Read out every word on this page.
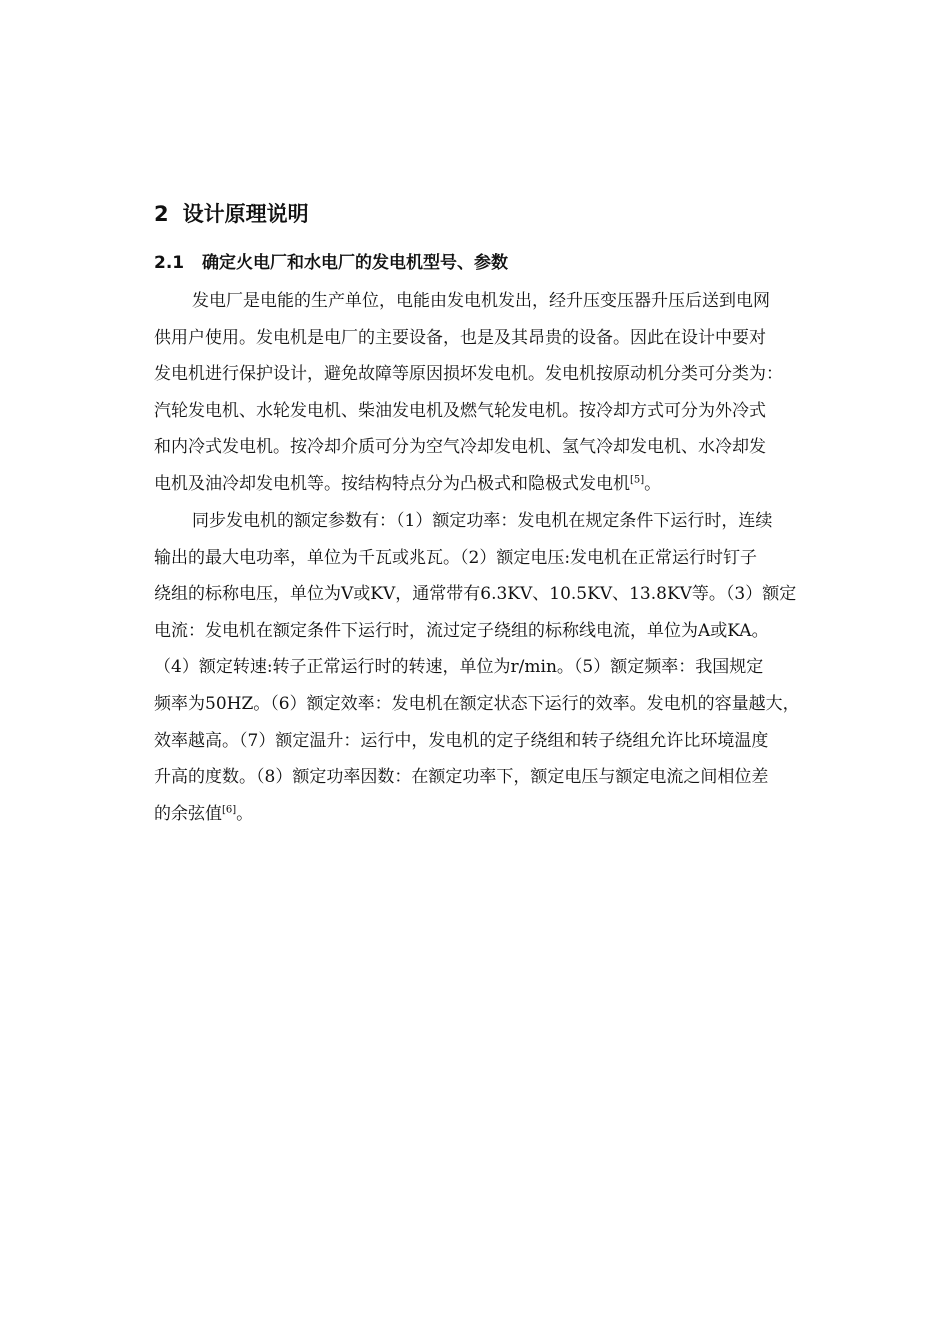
2 设计原理说明
2.1 确定火电厂和水电厂的发电机型号、参数
发电厂是电能的生产单位，电能由发电机发出，经升压变压器升压后送到电网
供用户使用。发电机是电厂的主要设备，也是及其昂贵的设备。因此在设计中要对
发电机进行保护设计，避免故障等原因损坏发电机。发电机按原动机分类可分类为：
汽轮发电机、水轮发电机、柴油发电机及燃气轮发电机。按冷却方式可分为外冷式
和内冷式发电机。按冷却介质可分为空气冷却发电机、氢气冷却发电机、水冷却发
电机及油冷却发电机等。按结构特点分为凸极式和隐极式发电机[5]。
同步发电机的额定参数有：（1）额定功率：发电机在规定条件下运行时，连续
输出的最大电功率，单位为千瓦或兆瓦。（2）额定电压:发电机在正常运行时钉子
绕组的标称电压，单位为V或KV，通常带有6.3KV、10.5KV、13.8KV等。（3）额定
电流：发电机在额定条件下运行时，流过定子绕组的标称线电流，单位为A或KA。
（4）额定转速:转子正常运行时的转速，单位为r/min。（5）额定频率：我国规定
频率为50HZ。（6）额定效率：发电机在额定状态下运行的效率。发电机的容量越大，
效率越高。（7）额定温升：运行中，发电机的定子绕组和转子绕组允许比环境温度
升高的度数。（8）额定功率因数：在额定功率下，额定电压与额定电流之间相位差
的余弦值[6]。
